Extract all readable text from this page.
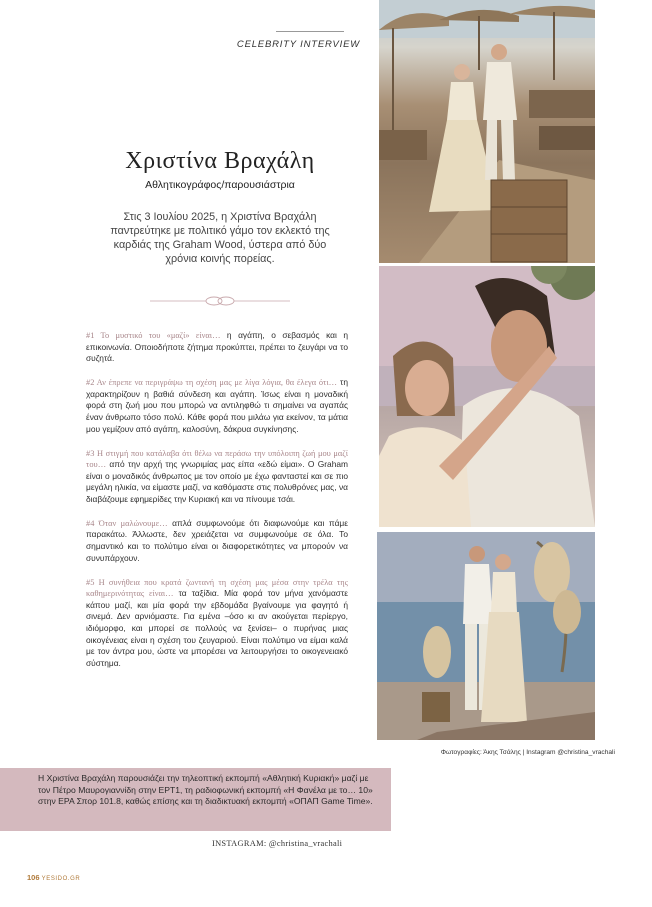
CELEBRITY INTERVIEW
Χριστίνα Βραχάλη
Αθλητικογράφος/παρουσιάστρια
Στις 3 Ιουλίου 2025, η Χριστίνα Βραχάλη παντρεύτηκε με πολιτικό γάμο τον εκλεκτό της καρδιάς της Graham Wood, ύστερα από δύο χρόνια κοινής πορείας.

#1 Το μυστικό του «μαζί» είναι… η αγάπη, ο σεβασμός και η επικοινωνία. Οποιοδήποτε ζήτημα προκύπτει, πρέπει το ζευγάρι να το συζητά.

#2 Αν έπρεπε να περιγράψω τη σχέση μας με λίγα λόγια, θα έλεγα ότι… τη χαρακτηρίζουν η βαθιά σύνδεση και αγάπη. Ίσως είναι η μοναδική φορά στη ζωή μου που μπορώ να αντιληφθώ τι σημαίνει να αγαπάς έναν άνθρωπο τόσο πολύ. Κάθε φορά που μιλάω για εκείνον, τα μάτια μου γεμίζουν από αγάπη, καλοσύνη, δάκρυα συγκίνησης.

#3 Η στιγμή που κατάλαβα ότι θέλω να περάσω την υπόλοιπη ζωή μου μαζί του… από την αρχή της γνωριμίας μας είπα «εδώ είμαι». Ο Graham είναι ο μοναδικός άνθρωπος με τον οποίο με έχω φανταστεί και σε πιο μεγάλη ηλικία, να είμαστε μαζί, να καθόμαστε στις πολυθρόνες μας, να διαβάζουμε εφημερίδες την Κυριακή και να πίνουμε τσάι.

#4 Όταν μαλώνουμε… απλά συμφωνούμε ότι διαφωνούμε και πάμε παρακάτω. Άλλωστε, δεν χρειάζεται να συμφωνούμε σε όλα. Το σημαντικό και το πολύτιμο είναι οι διαφορετικότητες να μπορούν να συνυπάρχουν.

#5 Η συνήθεια που κρατά ζωντανή τη σχέση μας μέσα στην τρέλα της καθημερινότητας είναι… τα ταξίδια. Μία φορά τον μήνα χανόμαστε κάπου μαζί, και μία φορά την εβδομάδα βγαίνουμε για φαγητό ή σινεμά. Δεν αρνιόμαστε. Για εμένα –όσο κι αν ακούγεται περίεργο, ιδιόμορφο, και μπορεί σε πολλούς να ξενίσει– ο πυρήνας μιας οικογένειας είναι η σχέση του ζευγαριού. Είναι πολύτιμο να είμαι καλά με τον άντρα μου, ώστε να μπορέσει να λειτουργήσει το οικογενειακό σύστημα.

Φωτογραφίες: Άκης Τσάλης | Instagram @christina_vrachali
Η Χριστίνα Βραχάλη παρουσιάζει την τηλεοπτική εκπομπή «Αθλητική Κυριακή» μαζί με τον Πέτρο Μαυρογιαννίδη στην ΕΡΤ1, τη ραδιοφωνική εκπομπή «Η Φανέλα με το… 10» στην ΕΡΑ Σπορ 101.8, καθώς επίσης και τη διαδικτυακή εκπομπή «ΟΠΑΠ Game Time».
INSTAGRAM: @christina_vrachali
106 YESIDO.GR
